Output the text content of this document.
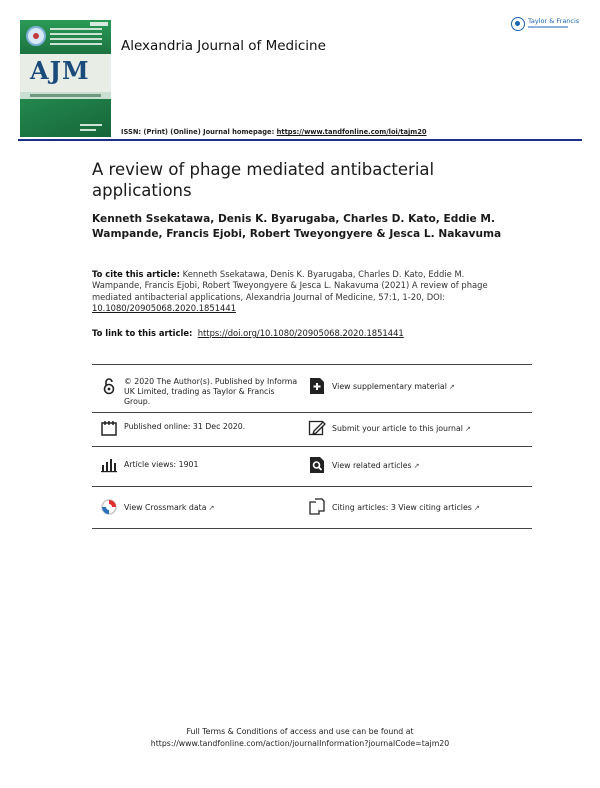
AJM
Alexandria Journal of Medicine
Taylor & Francis
ISSN: (Print) (Online) Journal homepage: https://www.tandfonline.com/loi/tajm20
A review of phage mediated antibacterial applications
Kenneth Ssekatawa, Denis K. Byarugaba, Charles D. Kato, Eddie M. Wampande, Francis Ejobi, Robert Tweyongyere & Jesca L. Nakavuma
To cite this article: Kenneth Ssekatawa, Denis K. Byarugaba, Charles D. Kato, Eddie M. Wampande, Francis Ejobi, Robert Tweyongyere & Jesca L. Nakavuma (2021) A review of phage mediated antibacterial applications, Alexandria Journal of Medicine, 57:1, 1-20, DOI: 10.1080/20905068.2020.1851441
To link to this article: https://doi.org/10.1080/20905068.2020.1851441
© 2020 The Author(s). Published by Informa UK Limited, trading as Taylor & Francis Group.
Published online: 31 Dec 2020.
Article views: 1901
View Crossmark data ↗
View supplementary material ↗
Submit your article to this journal ↗
View related articles ↗
Citing articles: 3 View citing articles ↗
Full Terms & Conditions of access and use can be found at
https://www.tandfonline.com/action/journalInformation?journalCode=tajm20
